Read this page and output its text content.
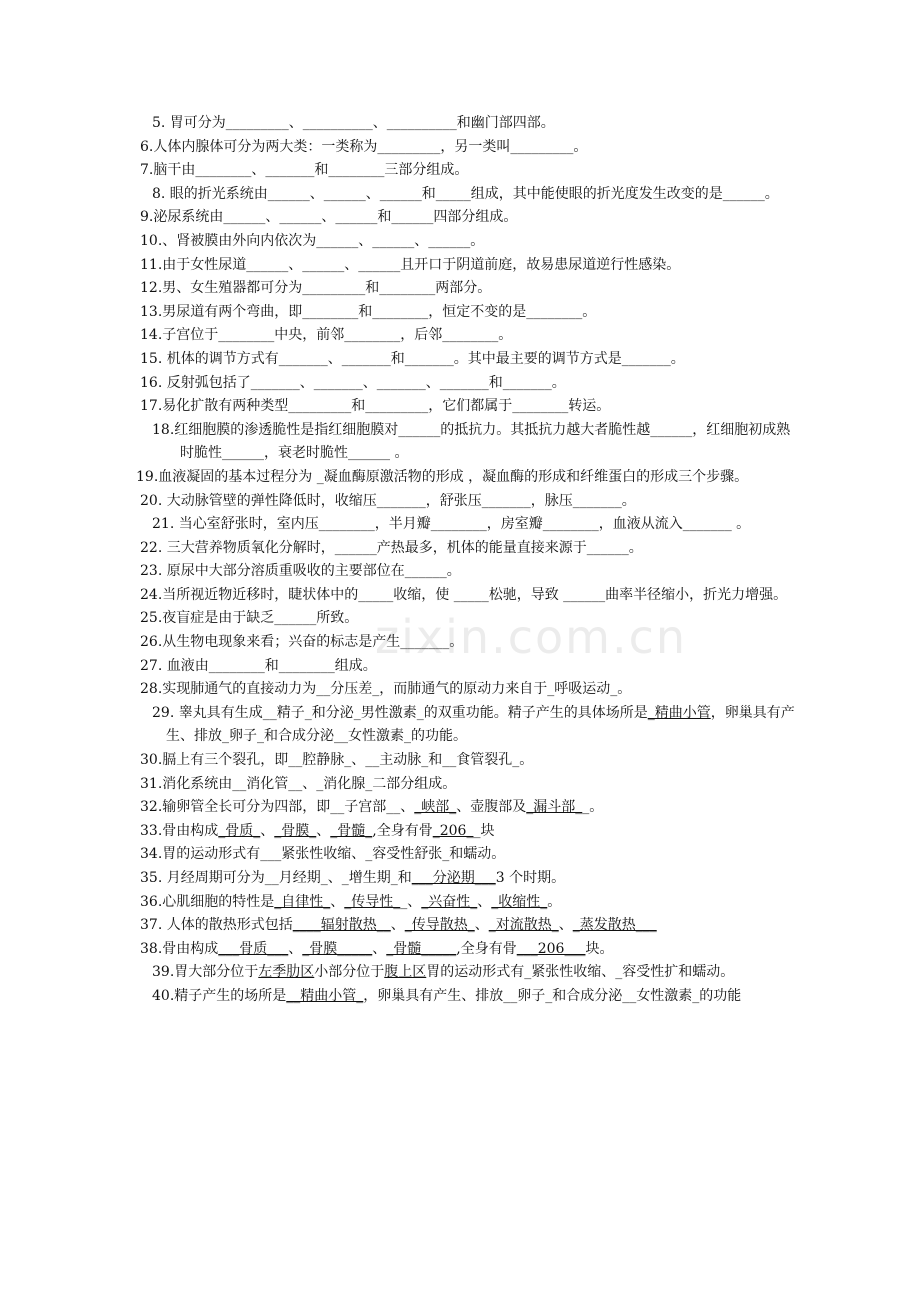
zixin.com.cn

5. 胃可分为_________、__________、__________和幽门部四部。

6.人体内腺体可分为两大类：一类称为_________，另一类叫_________。

7.脑干由________、_______和________三部分组成。

8. 眼的折光系统由______、______、______和_____组成，其中能使眼的折光度发生改变的是______。

9.泌尿系统由______、______、______和______四部分组成。

10.、肾被膜由外向内依次为______、______、______。

11.由于女性尿道______、______、______且开口于阴道前庭，故易患尿道逆行性感染。

12.男、女生殖器都可分为_________和________两部分。

13.男尿道有两个弯曲，即________和________，恒定不变的是________。

14.子宫位于________中央，前邻________，后邻________。

15. 机体的调节方式有_______、_______和_______。其中最主要的调节方式是_______。

16. 反射弧包括了_______、_______、_______、_______和_______。

17.易化扩散有两种类型_________和_________，它们都属于________转运。

18.红细胞膜的渗透脆性是指红细胞膜对______的抵抗力。其抵抗力越大者脆性越______，红细胞初成熟时脆性______，衰老时脆性______ 。

19.血液凝固的基本过程分为 _凝血酶原激活物的形成 ，凝血酶的形成和纤维蛋白的形成三个步骤。

20. 大动脉管壁的弹性降低时，收缩压_______，舒张压_______，脉压_______。

21. 当心室舒张时，室内压________，半月瓣________，房室瓣________，血液从流入_______ 。

22. 三大营养物质氧化分解时，______产热最多，机体的能量直接来源于______。

23. 原尿中大部分溶质重吸收的主要部位在______。

24.当所视近物近移时，睫状体中的_____收缩，使 _____松驰，导致 ______曲率半径缩小，折光力增强。

25.夜盲症是由于缺乏______所致。

26.从生物电现象来看；兴奋的标志是产生_______。

27. 血液由________和________组成。

28.实现肺通气的直接动力为__分压差_，而肺通气的原动力来自于_呼吸运动_。

29. 睾丸具有生成__精子_和分泌_男性激素_的双重功能。精子产生的具体场所是_精曲小管，卵巢具有产生、排放_卵子_和合成分泌__女性激素_的功能。

30.膈上有三个裂孔，即__腔静脉_、__主动脉_和__食管裂孔_。

31.消化系统由__消化管__、_消化腺_二部分组成。

32.输卵管全长可分为四部，即__子宫部__、_峡部_、壶腹部及_漏斗部__。

33.骨由构成_骨质_、_骨膜_、_骨髓_,全身有骨_206__块

34.胃的运动形式有___紧张性收缩、_容受性舒张_和蠕动。

35. 月经周期可分为__月经期_、_增生期_和___分泌期___3 个时期。

36.心肌细胞的特性是_自律性_、_传导性__、_兴奋性_、_收缩性_。

37. 人体的散热形式包括____辐射散热__、_传导散热_、_对流散热_、_蒸发散热___

38.骨由构成___骨质___、_骨膜_____、_骨髓_____,全身有骨___206___块。

39.胃大部分位于左季肋区小部分位于腹上区胃的运动形式有_紧张性收缩、_容受性扩和蠕动。

40.精子产生的场所是__精曲小管_，卵巢具有产生、排放__卵子_和合成分泌__女性激素_的功能
